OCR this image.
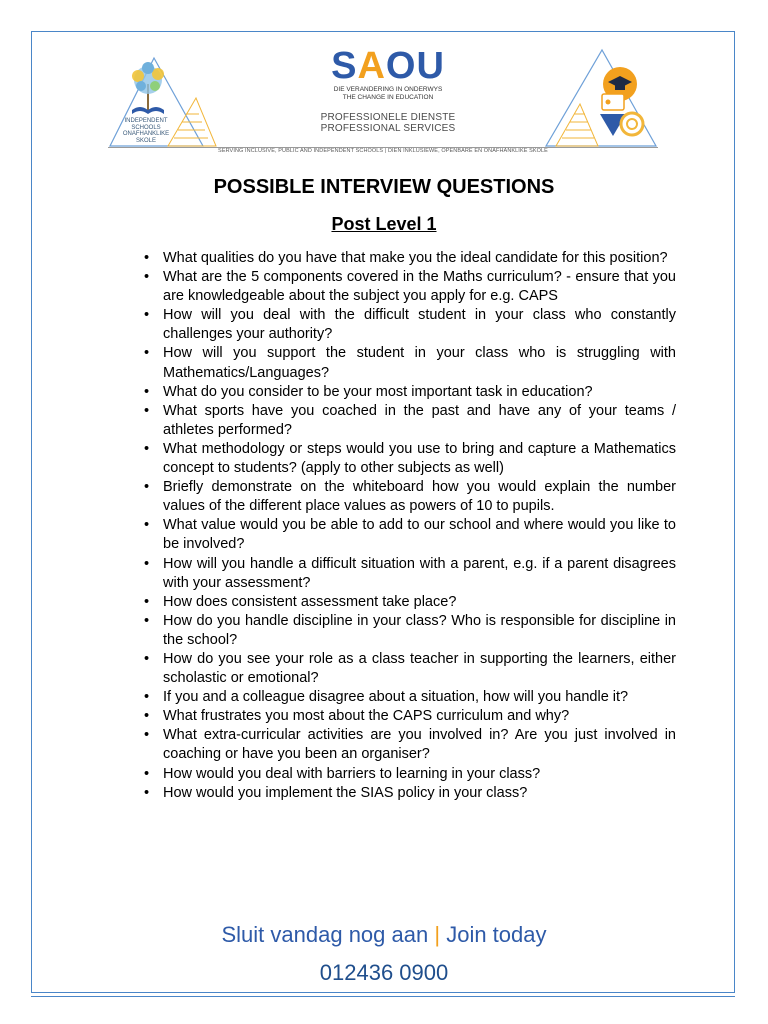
INDEPENDENT
SCHOOLS
ONAFHANKLIKE
SKOLE
SAOU
DIE VERANDERING IN ONDERWYS
THE CHANGE IN EDUCATION
PROFESSIONELE DIENSTE
PROFESSIONAL SERVICES
SERVING INCLUSIVE, PUBLIC AND INDEPENDENT SCHOOLS | DIEN INKLUSIEWE, OPENBARE EN ONAFHANKLIKE SKOLE
POSSIBLE INTERVIEW QUESTIONS
Post Level 1
• What qualities do you have that make you the ideal candidate for this position?
• What are the 5 components covered in the Maths curriculum? - ensure that you are knowledgeable about the subject you apply for e.g. CAPS
• How will you deal with the difficult student in your class who constantly challenges your authority?
• How will you support the student in your class who is struggling with Mathematics/Languages?
• What do you consider to be your most important task in education?
• What sports have you coached in the past and have any of your teams / athletes performed?
• What methodology or steps would you use to bring and capture a Mathematics concept to students? (apply to other subjects as well)
• Briefly demonstrate on the whiteboard how you would explain the number values of the different place values as powers of 10 to pupils.
• What value would you be able to add to our school and where would you like to be involved?
• How will you handle a difficult situation with a parent, e.g. if a parent disagrees with your assessment?
• How does consistent assessment take place?
• How do you handle discipline in your class? Who is responsible for discipline in the school?
• How do you see your role as a class teacher in supporting the learners, either scholastic or emotional?
• If you and a colleague disagree about a situation, how will you handle it?
• What frustrates you most about the CAPS curriculum and why?
• What extra-curricular activities are you involved in? Are you just involved in coaching or have you been an organiser?
• How would you deal with barriers to learning in your class?
• How would you implement the SIAS policy in your class?
Sluit vandag nog aan | Join today
012436 0900
